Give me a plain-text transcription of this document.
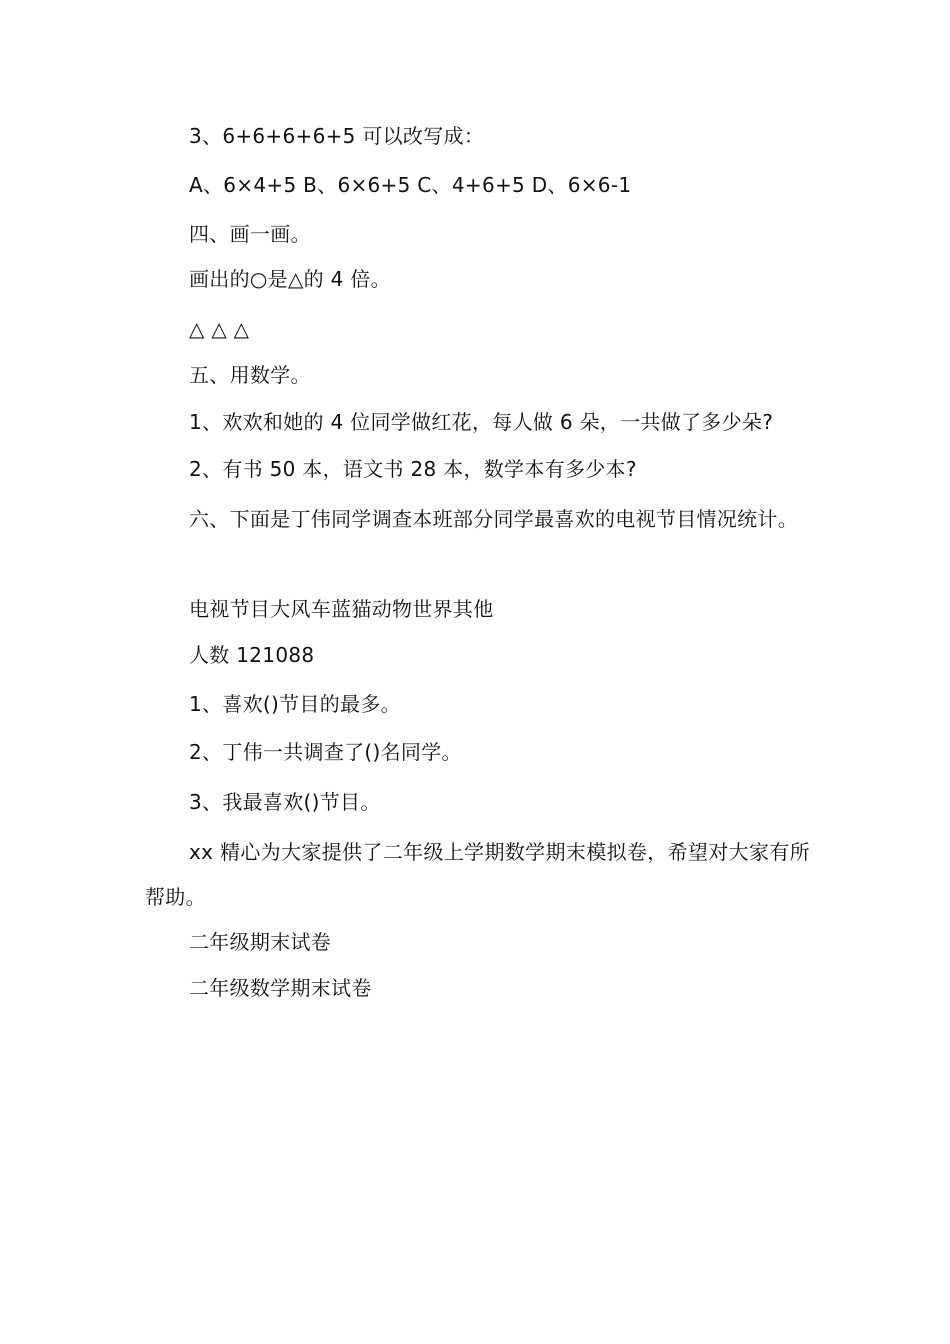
3、6+6+6+6+5 可以改写成：

A、6×4+5 B、6×6+5 C、4+6+5 D、6×6-1

四、画一画。

画出的○是△的 4 倍。

△ △ △

五、用数学。

1、欢欢和她的 4 位同学做红花，每人做 6 朵，一共做了多少朵?

2、有书 50 本，语文书 28 本，数学本有多少本?

六、下面是丁伟同学调查本班部分同学最喜欢的电视节目情况统计。

电视节目大风车蓝猫动物世界其他

人数 121088

1、喜欢()节目的最多。

2、丁伟一共调查了()名同学。

3、我最喜欢()节目。

xx 精心为大家提供了二年级上学期数学期末模拟卷，希望对大家有所帮助。

二年级期末试卷

二年级数学期末试卷
